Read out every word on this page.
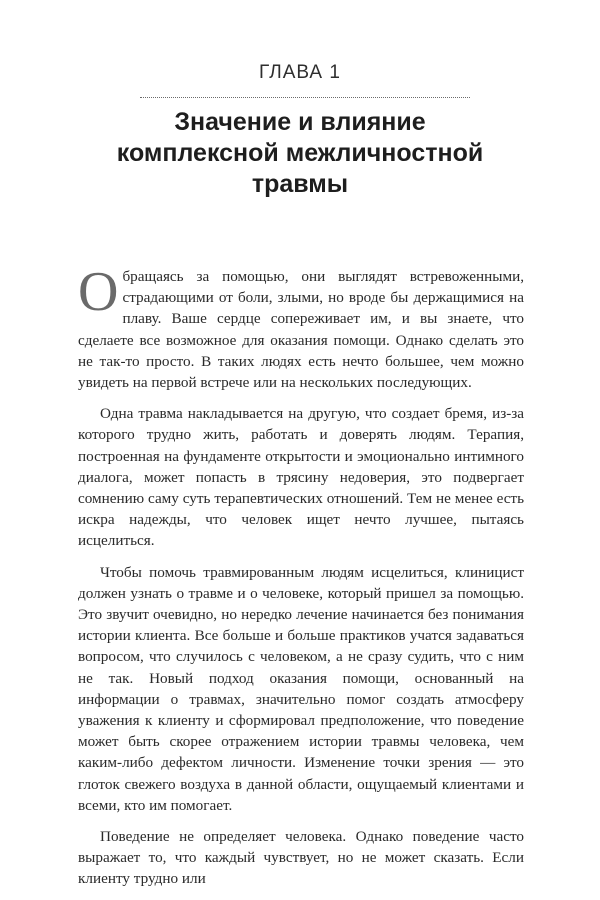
ГЛАВА 1
Значение и влияние
комплексной межличностной
травмы

Обращаясь за помощью, они выглядят встревоженными, страдающими от боли, злыми, но вроде бы держащимися на плаву. Ваше сердце сопереживает им, и вы знаете, что сделаете все возможное для оказания помощи. Однако сделать это не так-то просто. В таких людях есть нечто большее, чем можно увидеть на первой встрече или на нескольких последующих.

Одна травма накладывается на другую, что создает бремя, из-за которого трудно жить, работать и доверять людям. Терапия, построенная на фундаменте открытости и эмоционально интимного диалога, может попасть в трясину недоверия, это подвергает сомнению саму суть терапевтических отношений. Тем не менее есть искра надежды, что человек ищет нечто лучшее, пытаясь исцелиться.

Чтобы помочь травмированным людям исцелиться, клиницист должен узнать о травме и о человеке, который пришел за помощью. Это звучит очевидно, но нередко лечение начинается без понимания истории клиента. Все больше и больше практиков учатся задаваться вопросом, что случилось с человеком, а не сразу судить, что с ним не так. Новый подход оказания помощи, основанный на информации о травмах, значительно помог создать атмосферу уважения к клиенту и сформировал предположение, что поведение может быть скорее отражением истории травмы человека, чем каким-либо дефектом личности. Изменение точки зрения — это глоток свежего воздуха в данной области, ощущаемый клиентами и всеми, кто им помогает.

Поведение не определяет человека. Однако поведение часто выражает то, что каждый чувствует, но не может сказать. Если клиенту трудно или
